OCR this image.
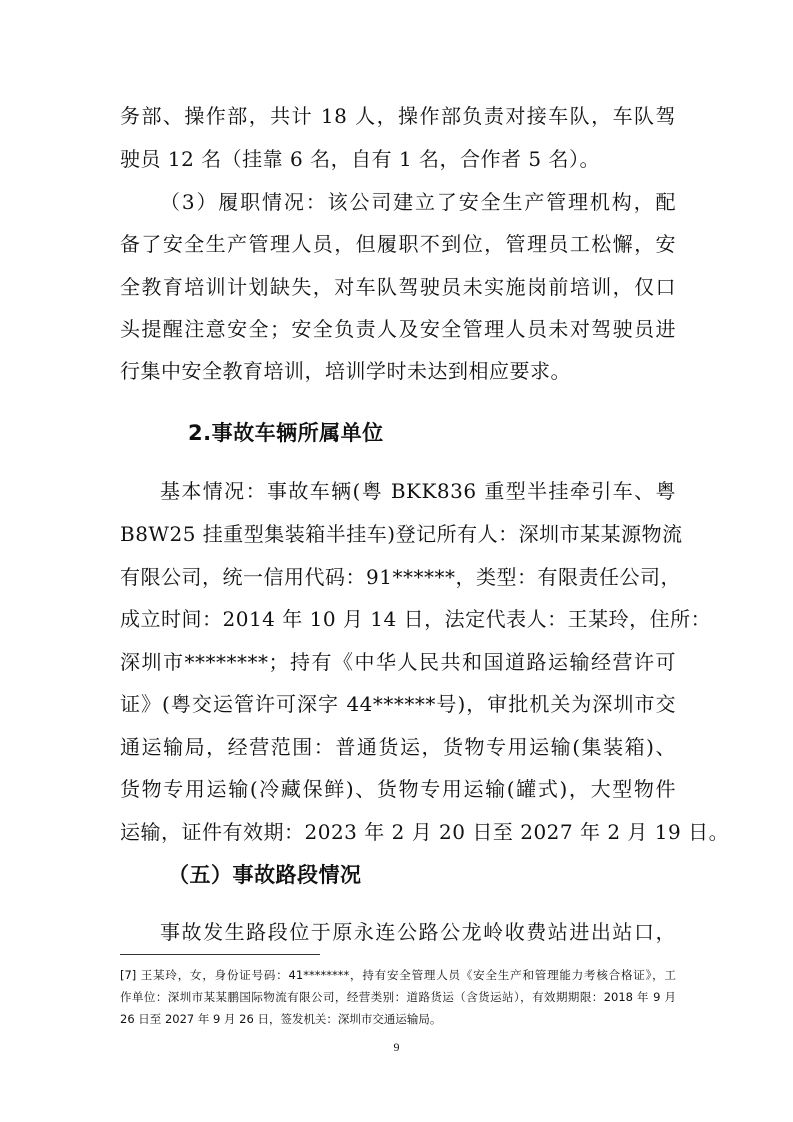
务部、操作部，共计 18 人，操作部负责对接车队，车队驾
驶员 12 名（挂靠 6 名，自有 1 名，合作者 5 名）。
（3）履职情况：该公司建立了安全生产管理机构，配
备了安全生产管理人员，但履职不到位，管理员工松懈，安
全教育培训计划缺失，对车队驾驶员未实施岗前培训，仅口
头提醒注意安全；安全负责人及安全管理人员未对驾驶员进
行集中安全教育培训，培训学时未达到相应要求。
2.事故车辆所属单位
基本情况：事故车辆(粤 BKK836 重型半挂牵引车、粤
B8W25 挂重型集装箱半挂车)登记所有人：深圳市某某源物流
有限公司，统一信用代码：91******，类型：有限责任公司，
成立时间：2014 年 10 月 14 日，法定代表人：王某玲，住所：
深圳市********；持有《中华人民共和国道路运输经营许可
证》(粤交运管许可深字 44******号)，审批机关为深圳市交
通运输局，经营范围：普通货运，货物专用运输(集装箱)、
货物专用运输(冷藏保鲜)、货物专用运输(罐式)，大型物件
运输，证件有效期：2023 年 2 月 20 日至 2027 年 2 月 19 日。
（五）事故路段情况
事故发生路段位于原永连公路公龙岭收费站进出站口，
[7] 王某玲，女，身份证号码：41********，持有安全管理人员《安全生产和管理能力考核合格证》，工
作单位：深圳市某某鹏国际物流有限公司，经营类别：道路货运（含货运站），有效期期限：2018 年 9 月
26 日至 2027 年 9 月 26 日，签发机关：深圳市交通运输局。
9
